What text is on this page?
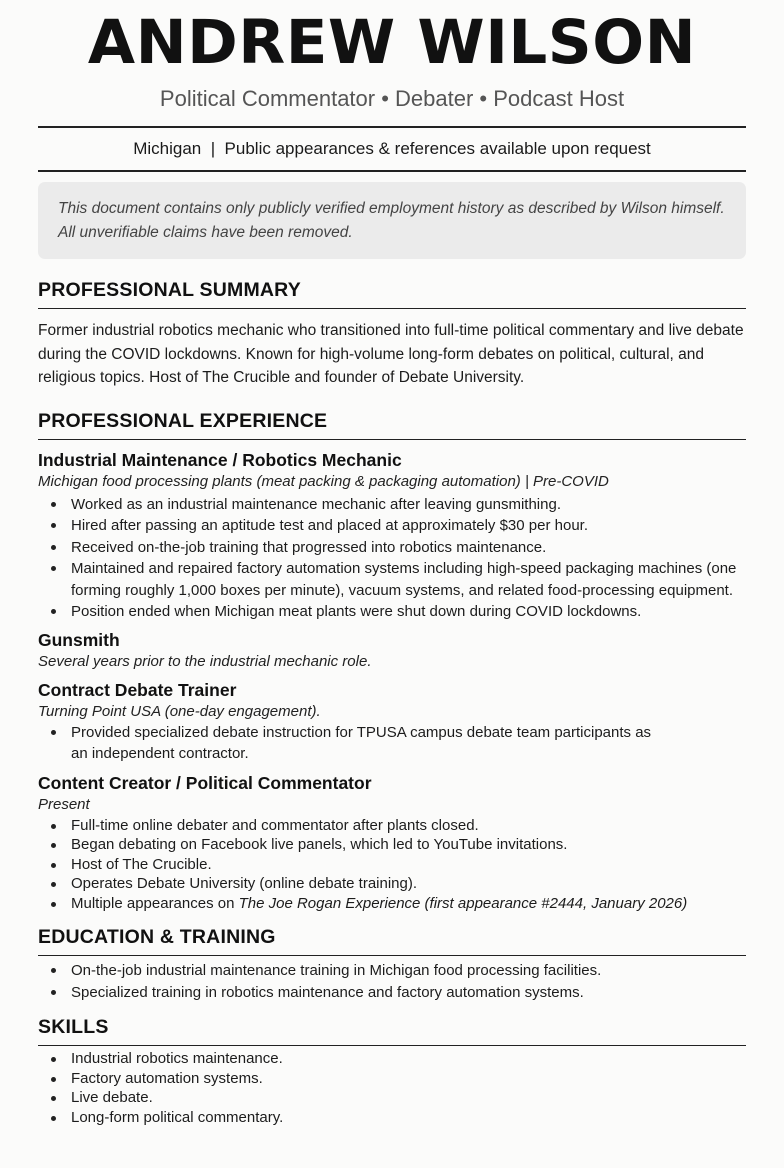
ANDREW WILSON
Political Commentator • Debater • Podcast Host
Michigan  |  Public appearances & references available upon request
This document contains only publicly verified employment history as described by Wilson himself.
All unverifiable claims have been removed.
PROFESSIONAL SUMMARY
Former industrial robotics mechanic who transitioned into full-time political commentary and live debate during the COVID lockdowns. Known for high-volume long-form debates on political, cultural, and religious topics. Host of The Crucible and founder of Debate University.
PROFESSIONAL EXPERIENCE
Industrial Maintenance / Robotics Mechanic
Michigan food processing plants (meat packing & packaging automation) | Pre-COVID
Worked as an industrial maintenance mechanic after leaving gunsmithing.
Hired after passing an aptitude test and placed at approximately $30 per hour.
Received on-the-job training that progressed into robotics maintenance.
Maintained and repaired factory automation systems including high-speed packaging machines (one forming roughly 1,000 boxes per minute), vacuum systems, and related food-processing equipment.
Position ended when Michigan meat plants were shut down during COVID lockdowns.
Gunsmith
Several years prior to the industrial mechanic role.
Contract Debate Trainer
Turning Point USA (one-day engagement).
Provided specialized debate instruction for TPUSA campus debate team participants as an independent contractor.
Content Creator / Political Commentator
Present
Full-time online debater and commentator after plants closed.
Began debating on Facebook live panels, which led to YouTube invitations.
Host of The Crucible.
Operates Debate University (online debate training).
Multiple appearances on The Joe Rogan Experience (first appearance #2444, January 2026)
EDUCATION & TRAINING
On-the-job industrial maintenance training in Michigan food processing facilities.
Specialized training in robotics maintenance and factory automation systems.
SKILLS
Industrial robotics maintenance.
Factory automation systems.
Live debate.
Long-form political commentary.
